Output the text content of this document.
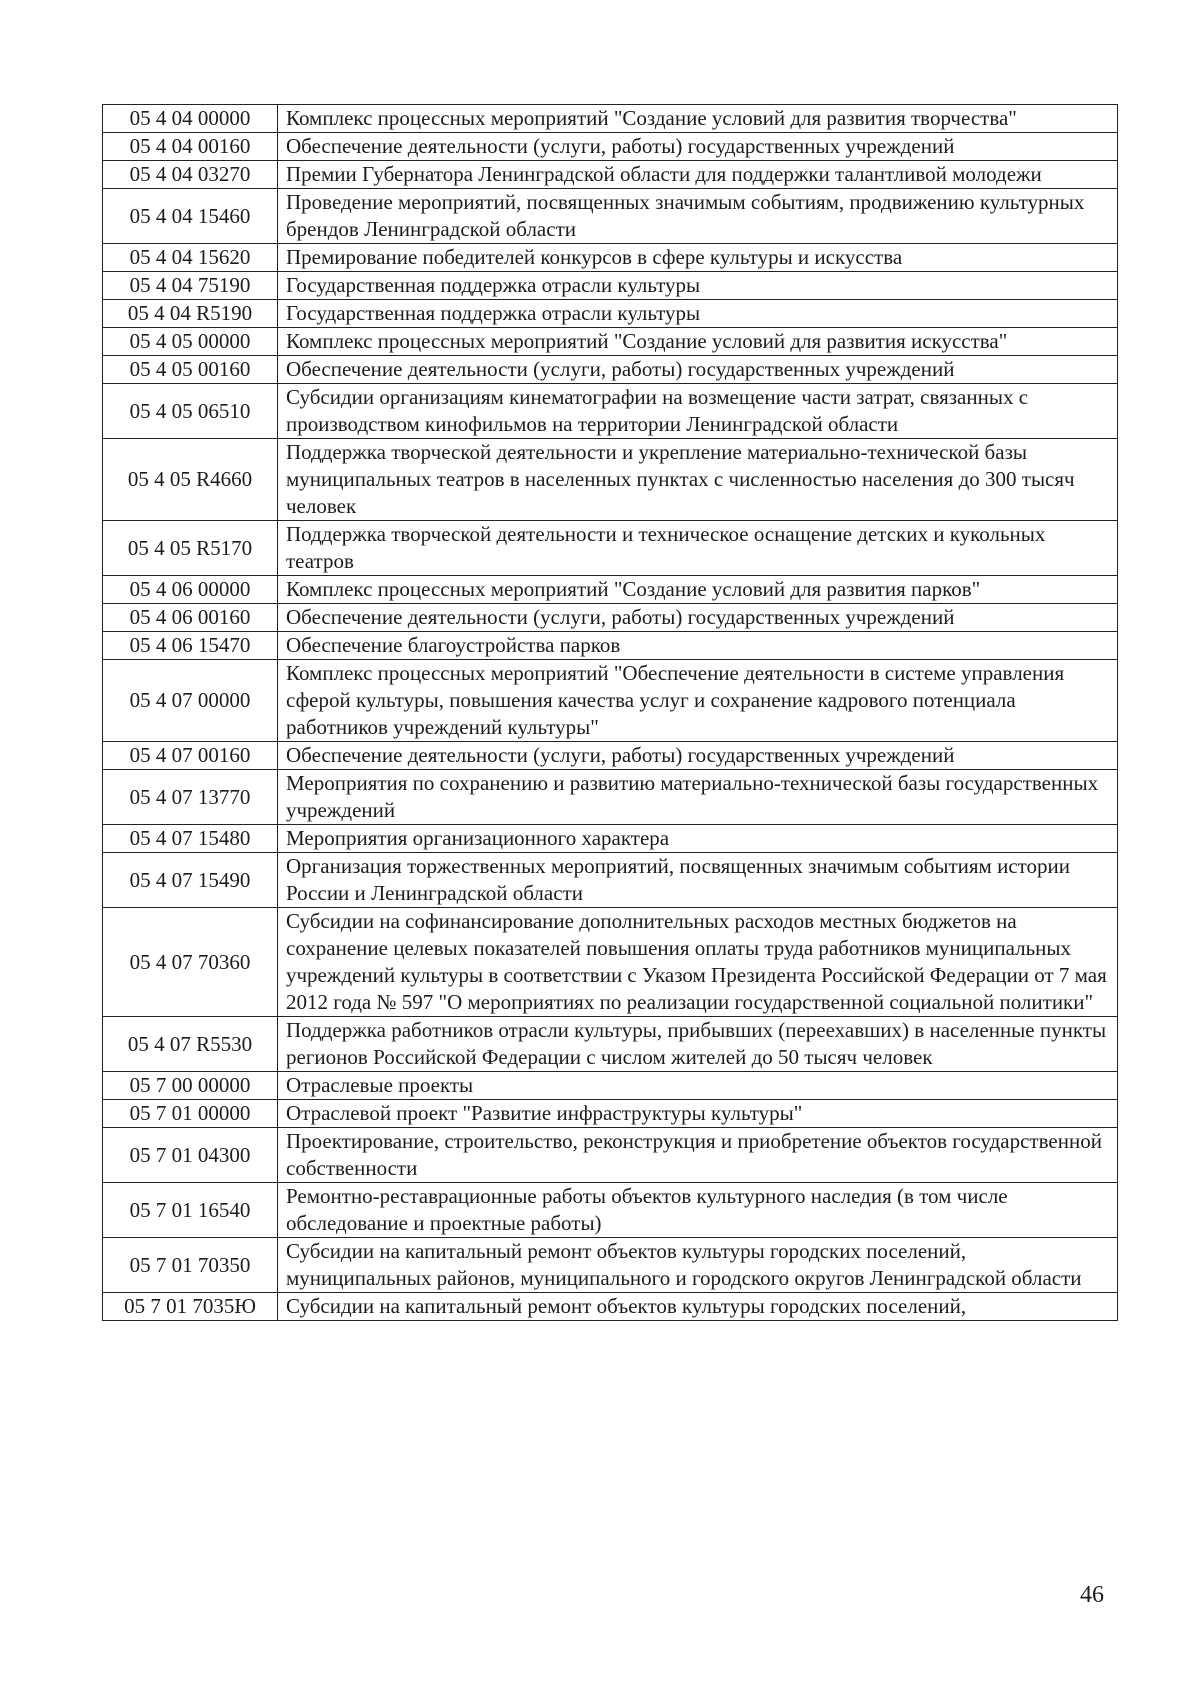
05 4 04 00000	Комплекс процессных мероприятий "Создание условий для развития творчества"
05 4 04 00160	Обеспечение деятельности (услуги, работы) государственных учреждений
05 4 04 03270	Премии Губернатора Ленинградской области для поддержки талантливой молодежи
05 4 04 15460	Проведение мероприятий, посвященных значимым событиям, продвижению культурных брендов Ленинградской области
05 4 04 15620	Премирование победителей конкурсов в сфере культуры и искусства
05 4 04 75190	Государственная поддержка отрасли культуры
05 4 04 R5190	Государственная поддержка отрасли культуры
05 4 05 00000	Комплекс процессных мероприятий "Создание условий для развития искусства"
05 4 05 00160	Обеспечение деятельности (услуги, работы) государственных учреждений
05 4 05 06510	Субсидии организациям кинематографии на возмещение части затрат, связанных с производством кинофильмов на территории Ленинградской области
05 4 05 R4660	Поддержка творческой деятельности и укрепление материально-технической базы муниципальных театров в населенных пунктах с численностью населения до 300 тысяч человек
05 4 05 R5170	Поддержка творческой деятельности и техническое оснащение детских и кукольных театров
05 4 06 00000	Комплекс процессных мероприятий "Создание условий для развития парков"
05 4 06 00160	Обеспечение деятельности (услуги, работы) государственных учреждений
05 4 06 15470	Обеспечение благоустройства парков
05 4 07 00000	Комплекс процессных мероприятий "Обеспечение деятельности в системе управления сферой культуры, повышения качества услуг и сохранение кадрового потенциала работников учреждений культуры"
05 4 07 00160	Обеспечение деятельности (услуги, работы) государственных учреждений
05 4 07 13770	Мероприятия по сохранению и развитию материально-технической базы государственных учреждений
05 4 07 15480	Мероприятия организационного характера
05 4 07 15490	Организация торжественных мероприятий, посвященных значимым событиям истории России и Ленинградской области
05 4 07 70360	Субсидии на софинансирование дополнительных расходов местных бюджетов на сохранение целевых показателей повышения оплаты труда работников муниципальных учреждений культуры в соответствии с Указом Президента Российской Федерации от 7 мая 2012 года № 597 "О мероприятиях по реализации государственной социальной политики"
05 4 07 R5530	Поддержка работников отрасли культуры, прибывших (переехавших) в населенные пункты регионов Российской Федерации с числом жителей до 50 тысяч человек
05 7 00 00000	Отраслевые проекты
05 7 01 00000	Отраслевой проект "Развитие инфраструктуры культуры"
05 7 01 04300	Проектирование, строительство, реконструкция и приобретение объектов государственной собственности
05 7 01 16540	Ремонтно-реставрационные работы объектов культурного наследия (в том числе обследование и проектные работы)
05 7 01 70350	Субсидии на капитальный ремонт объектов культуры городских поселений, муниципальных районов, муниципального и городского округов Ленинградской области
05 7 01 7035Ю	Субсидии на капитальный ремонт объектов культуры городских поселений,
46
